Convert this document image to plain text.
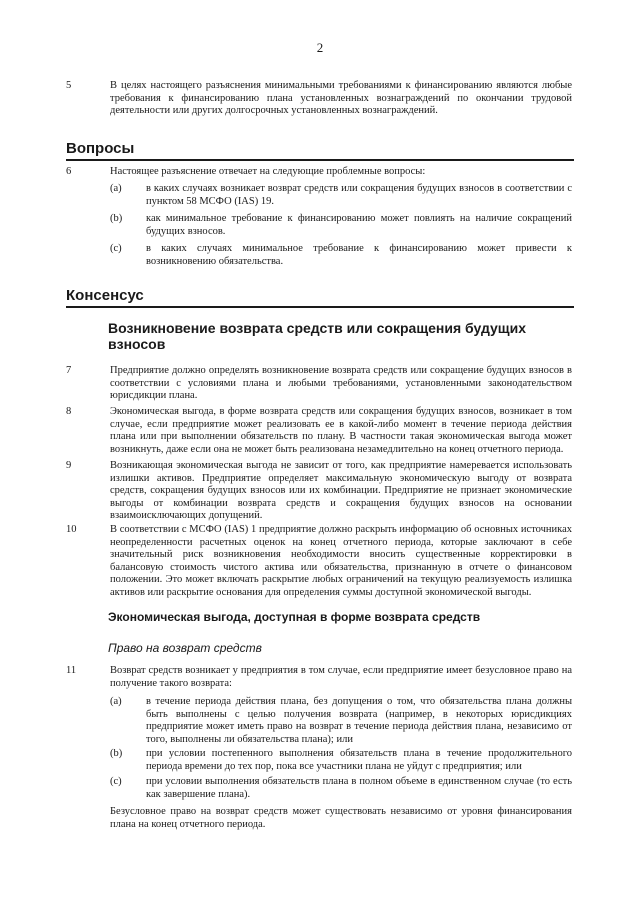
2
5	В целях настоящего разъяснения минимальными требованиями к финансированию являются любые требования к финансированию плана установленных вознаграждений по окончании трудовой деятельности или других долгосрочных установленных вознаграждений.
Вопросы
6	Настоящее разъяснение отвечает на следующие проблемные вопросы:
(a) в каких случаях возникает возврат средств или сокращения будущих взносов в соответствии с пунктом 58 МСФО (IAS) 19.
(b) как минимальное требование к финансированию может повлиять на наличие сокращений будущих взносов.
(c) в каких случаях минимальное требование к финансированию может привести к возникновению обязательства.
Консенсус
Возникновение возврата средств или сокращения будущих взносов
7	Предприятие должно определять возникновение возврата средств или сокращение будущих взносов в соответствии с условиями плана и любыми требованиями, установленными законодательством юрисдикции плана.
8	Экономическая выгода, в форме возврата средств или сокращения будущих взносов, возникает в том случае, если предприятие может реализовать ее в какой-либо момент в течение периода действия плана или при выполнении обязательств по плану. В частности такая экономическая выгода может возникнуть, даже если она не может быть реализована незамедлительно на конец отчетного периода.
9	Возникающая экономическая выгода не зависит от того, как предприятие намеревается использовать излишки активов. Предприятие определяет максимальную экономическую выгоду от возврата средств, сокращения будущих взносов или их комбинации. Предприятие не признает экономические выгоды от комбинации возврата средств и сокращения будущих взносов на основании взаимоисключающих допущений.
10	В соответствии с МСФО (IAS) 1 предприятие должно раскрыть информацию об основных источниках неопределенности расчетных оценок на конец отчетного периода, которые заключают в себе значительный риск возникновения необходимости вносить существенные корректировки в балансовую стоимость чистого актива или обязательства, признанную в отчете о финансовом положении. Это может включать раскрытие любых ограничений на текущую реализуемость излишка активов или раскрытие основания для определения суммы доступной экономической выгоды.
Экономическая выгода, доступная в форме возврата средств
Право на возврат средств
11	Возврат средств возникает у предприятия в том случае, если предприятие имеет безусловное право на получение такого возврата:
(a) в течение периода действия плана, без допущения о том, что обязательства плана должны быть выполнены с целью получения возврата (например, в некоторых юрисдикциях предприятие может иметь право на возврат в течение периода действия плана, независимо от того, выполнены ли обязательства плана); или
(b) при условии постепенного выполнения обязательств плана в течение продолжительного периода времени до тех пор, пока все участники плана не уйдут с предприятия; или
(c) при условии выполнения обязательств плана в полном объеме в единственном случае (то есть как завершение плана).
Безусловное право на возврат средств может существовать независимо от уровня финансирования плана на конец отчетного периода.
